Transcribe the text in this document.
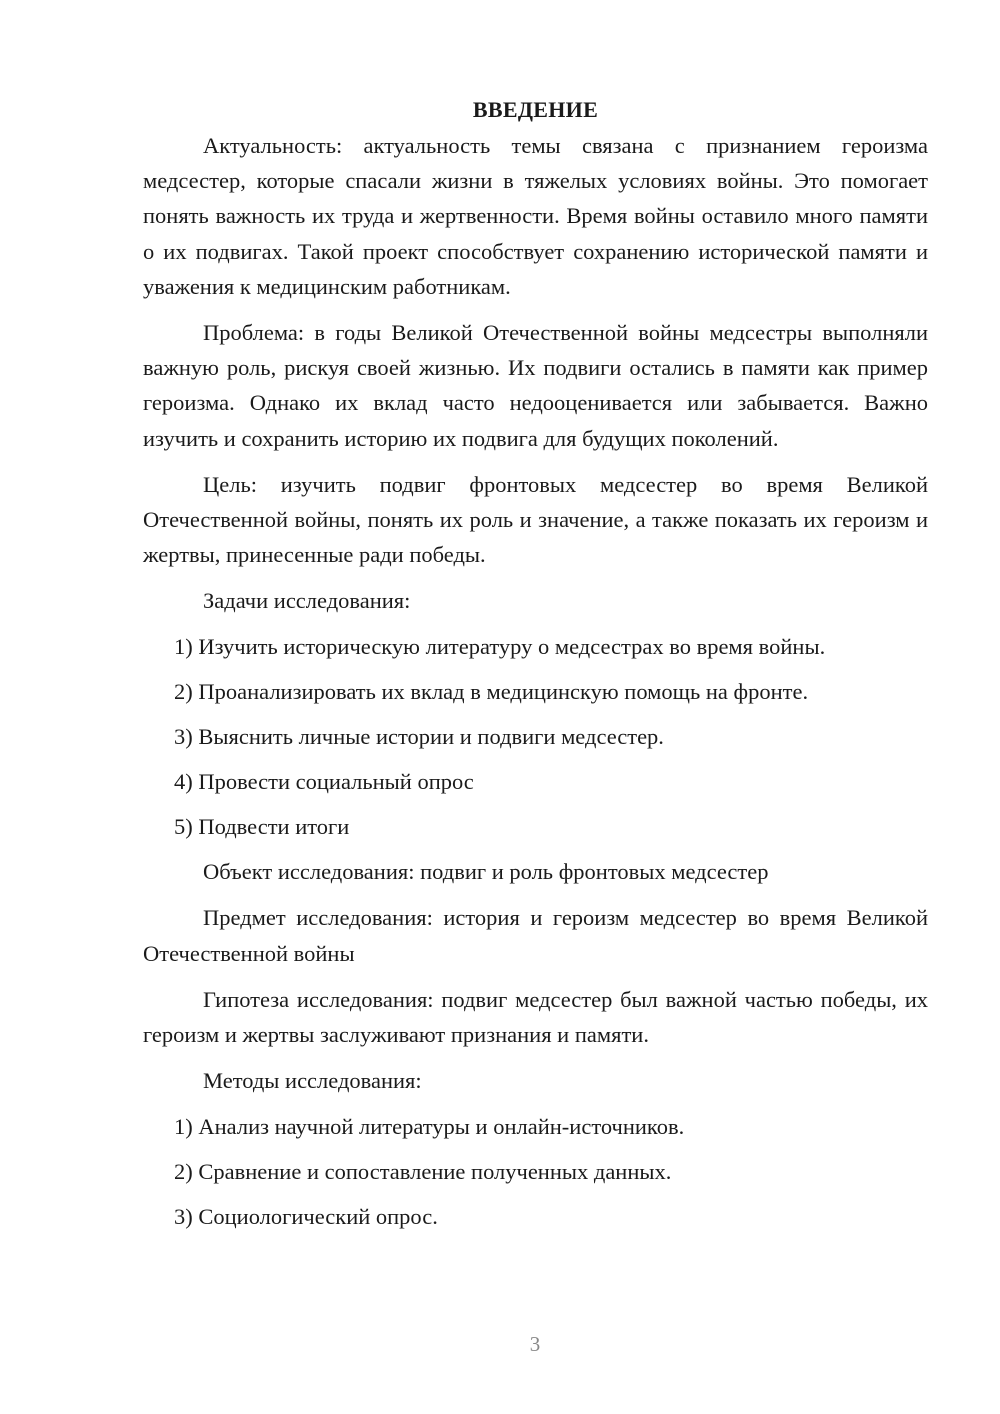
ВВЕДЕНИЕ

Актуальность: актуальность темы связана с признанием героизма медсестер, которые спасали жизни в тяжелых условиях войны. Это помогает понять важность их труда и жертвенности. Время войны оставило много памяти о их подвигах. Такой проект способствует сохранению исторической памяти и уважения к медицинским работникам.

Проблема: в годы Великой Отечественной войны медсестры выполняли важную роль, рискуя своей жизнью. Их подвиги остались в памяти как пример героизма. Однако их вклад часто недооценивается или забывается. Важно изучить и сохранить историю их подвига для будущих поколений.

Цель: изучить подвиг фронтовых медсестер во время Великой Отечественной войны, понять их роль и значение, а также показать их героизм и жертвы, принесенные ради победы.

Задачи исследования:
1) Изучить историческую литературу о медсестрах во время войны.
2) Проанализировать их вклад в медицинскую помощь на фронте.
3) Выяснить личные истории и подвиги медсестер.
4) Провести социальный опрос
5) Подвести итоги
Объект исследования: подвиг и роль фронтовых медсестер

Предмет исследования: история и героизм медсестер во время Великой Отечественной войны

Гипотеза исследования: подвиг медсестер был важной частью победы, их героизм и жертвы заслуживают признания и памяти.

Методы исследования:
1) Анализ научной литературы и онлайн-источников.
2) Сравнение и сопоставление полученных данных.
3) Социологический опрос.
3
